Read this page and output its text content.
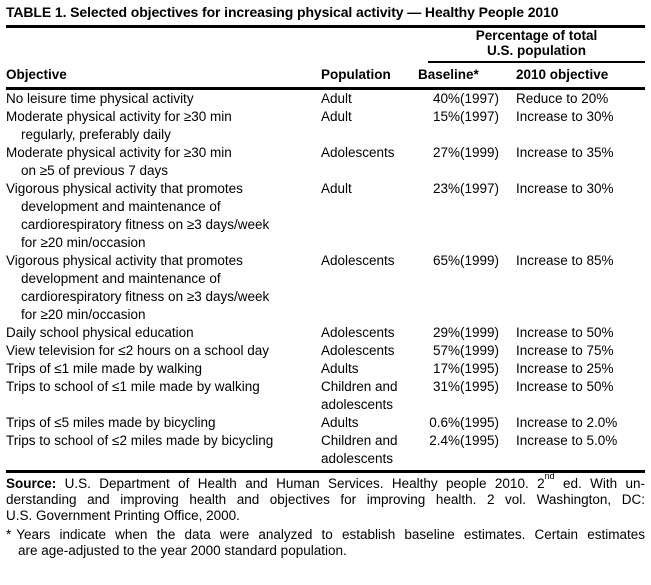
TABLE 1. Selected objectives for increasing physical activity — Healthy People 2010

		Percentage of total
U.S. population		

Objective	Population	Baseline*		2010 objective

No leisure time physical activity	Adult	40%	(1997)	Reduce to 20%

Moderate physical activity for ≥30 min
regularly, preferably daily	Adult	15%	(1997)	Increase to 30%

Moderate physical activity for ≥30 min
on ≥5 of previous 7 days	Adolescents	27%	(1999)	Increase to 35%

Vigorous physical activity that promotes
development and maintenance of
cardiorespiratory fitness on ≥3 days/week
for ≥20 min/occasion	Adult	23%	(1997)	Increase to 30%

Vigorous physical activity that promotes
development and maintenance of
cardiorespiratory fitness on ≥3 days/week
for ≥20 min/occasion	Adolescents	65%	(1999)	Increase to 85%

Daily school physical education	Adolescents	29%	(1999)	Increase to 50%

View television for ≤2 hours on a school day	Adolescents	57%	(1999)	Increase to 75%

Trips of ≤1 mile made by walking	Adults	17%	(1995)	Increase to 25%

Trips to school of ≤1 mile made by walking	Children and
adolescents	31%	(1995)	Increase to 50%

Trips of ≤5 miles made by bicycling	Adults	0.6%	(1995)	Increase to 2.0%

Trips to school of ≤2 miles made by bicycling	Children and
adolescents	2.4%	(1995)	Increase to 5.0%
Source: U.S. Department of Health and Human Services. Healthy people 2010. 2nd ed. With un-
derstanding and improving health and objectives for improving health. 2 vol. Washington, DC:
U.S. Government Printing Office, 2000.
* Years indicate when the data were analyzed to establish baseline estimates. Certain estimates
are age-adjusted to the year 2000 standard population.
